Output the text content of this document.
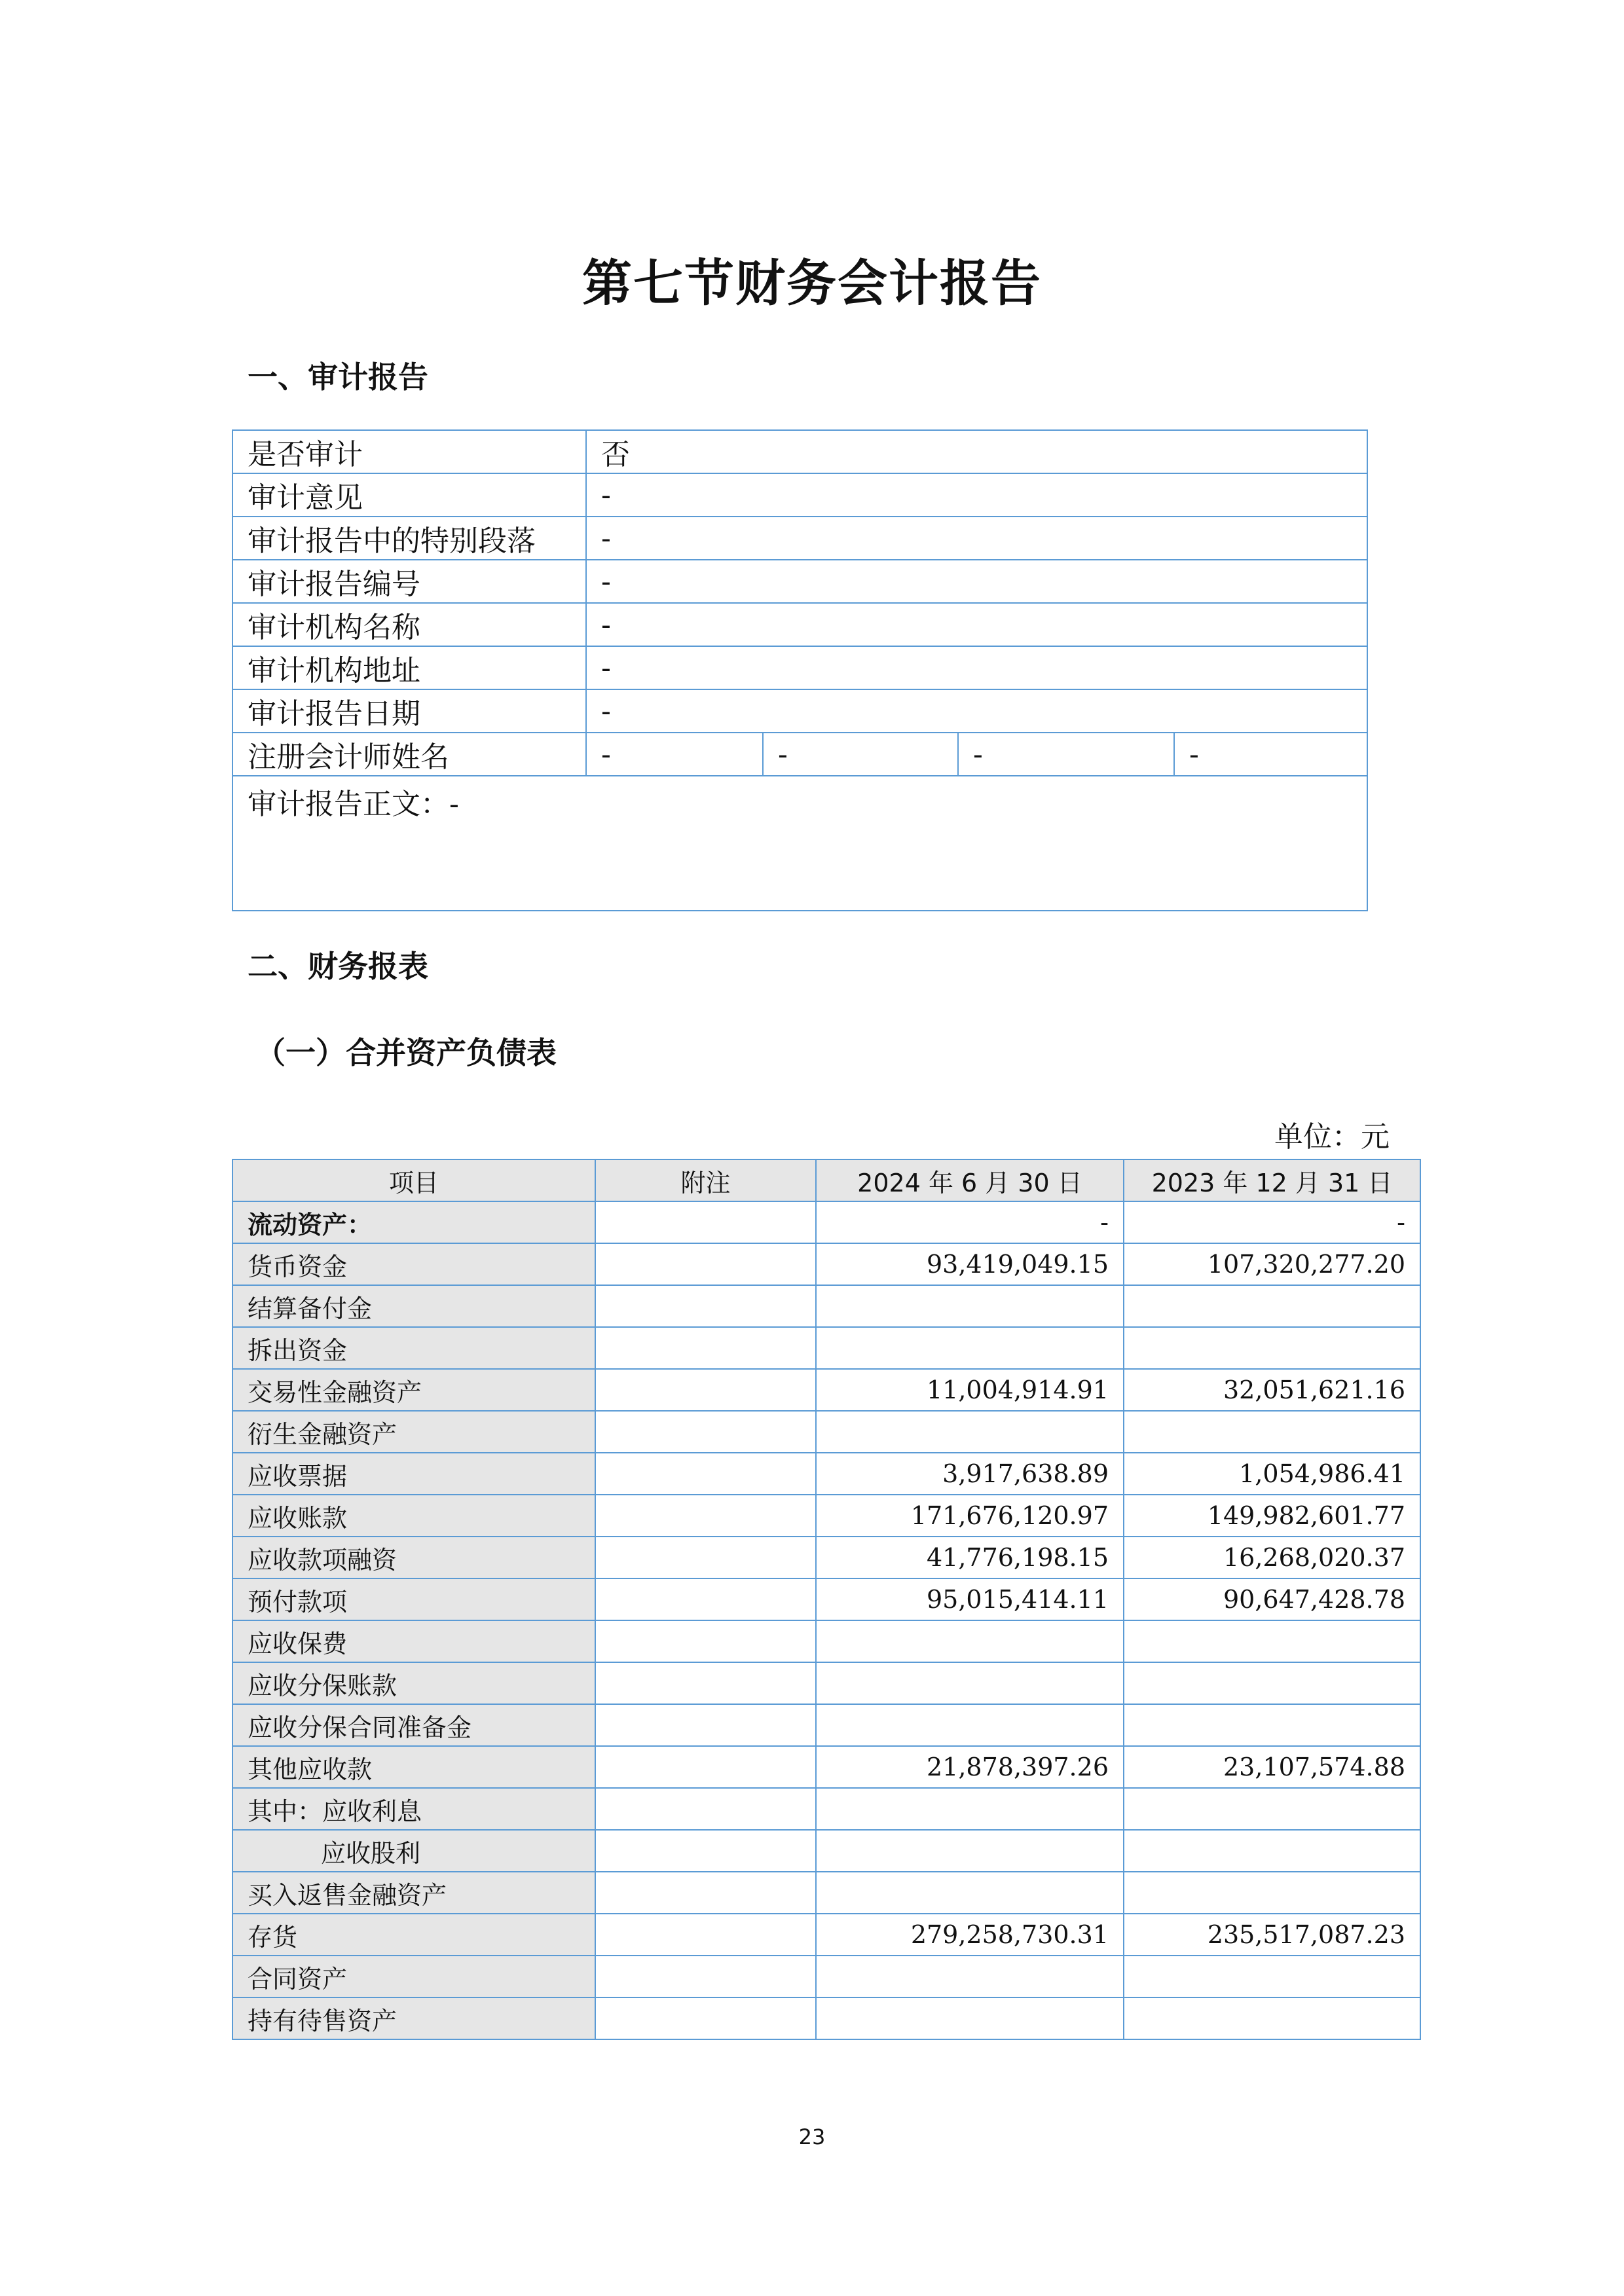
第七节财务会计报告
一、审计报告
是否审计	否			
审计意见	-			
审计报告中的特别段落	-			
审计报告编号	-			
审计机构名称	-			
审计机构地址	-			
审计报告日期	-			
注册会计师姓名	-	-	-	-
审计报告正文：-				
二、财务报表
（一）合并资产负债表
单位：元
项目	附注	2024 年 6 月 30 日	2023 年 12 月 31 日
流动资产：		-	-
货币资金		93,419,049.15	107,320,277.20
结算备付金			
拆出资金			
交易性金融资产		11,004,914.91	32,051,621.16
衍生金融资产			
应收票据		3,917,638.89	1,054,986.41
应收账款		171,676,120.97	149,982,601.77
应收款项融资		41,776,198.15	16,268,020.37
预付款项		95,015,414.11	90,647,428.78
应收保费			
应收分保账款			
应收分保合同准备金			
其他应收款		21,878,397.26	23,107,574.88
其中：应收利息			
应收股利			
买入返售金融资产			
存货		279,258,730.31	235,517,087.23
合同资产			
持有待售资产			
23
